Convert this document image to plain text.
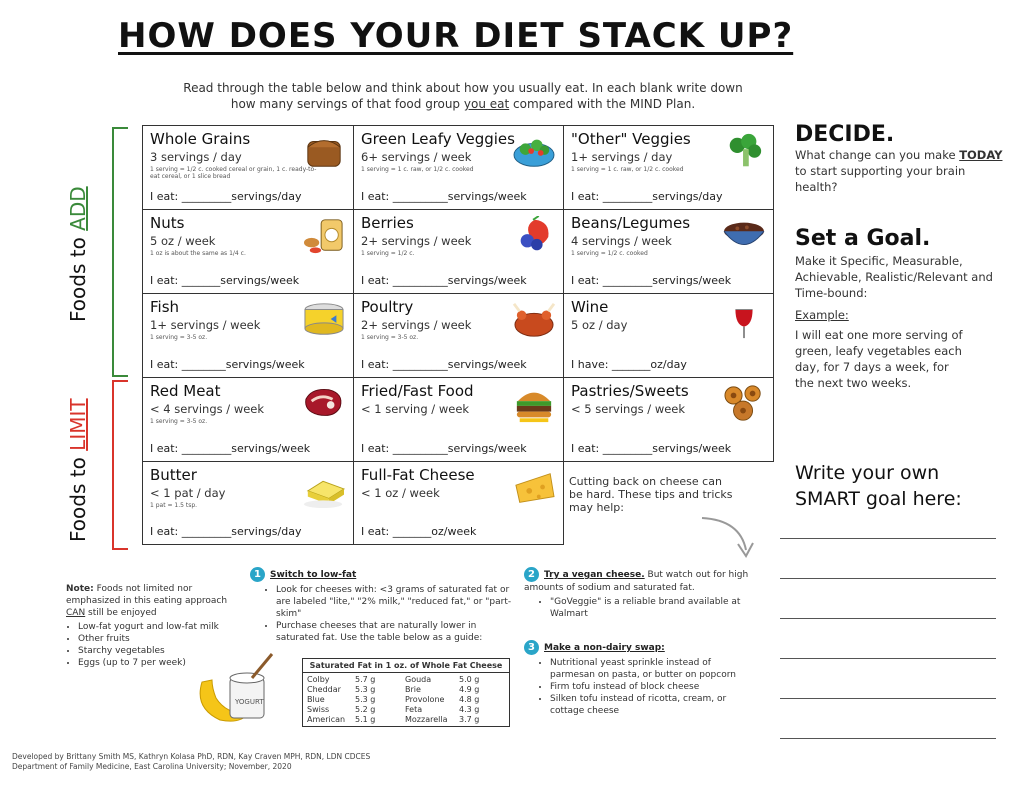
HOW DOES YOUR DIET STACK UP?
Read through the table below and think about how you usually eat. In each blank write down
how many servings of that food group you eat compared with the MIND Plan.
Foods to ADD
Foods to LIMIT
Cutting back on cheese can be hard. These tips and tricks may help:
Whole Grains
3 servings / day
1 serving = 1/2 c. cooked cereal or grain, 1 c. ready-to-eat cereal, or 1 slice bread
I eat: _________servings/day
Green Leafy Veggies
6+ servings / week
1 serving = 1 c. raw, or 1/2 c. cooked
I eat: __________servings/week
"Other" Veggies
1+ servings / day
1 serving = 1 c. raw, or 1/2 c. cooked
I eat: _________servings/day
Nuts
5 oz / week
1 oz is about the same as 1/4 c.
I eat: _______servings/week
Berries
2+ servings / week
1 serving = 1/2 c.
I eat: __________servings/week
Beans/Legumes
4 servings / week
1 serving = 1/2 c. cooked
I eat: _________servings/week
Fish
1+ servings / week
1 serving = 3-5 oz.
I eat: ________servings/week
Poultry
2+ servings / week
1 serving = 3-5 oz.
I eat: __________servings/week
Wine
5 oz / day
I have: _______oz/day
Red Meat
< 4 servings / week
1 serving = 3-5 oz.
I eat: _________servings/week
Fried/Fast Food
< 1 serving / week
I eat: __________servings/week
Pastries/Sweets
< 5 servings / week
I eat: _________servings/week
Butter
< 1 pat / day
1 pat = 1.5 tsp.
I eat: _________servings/day
Full-Fat Cheese
< 1 oz / week
I eat: _______oz/week
DECIDE.
What change can you make TODAY to start supporting your brain health?
Set a Goal.
Make it Specific, Measurable, Achievable, Realistic/Relevant and Time-bound:
Example:
I will eat one more serving of green, leafy vegetables each day, for 7 days a week, for the next two weeks.
Write your own SMART goal here:
Note: Foods not limited nor emphasized in this eating approach CAN still be enjoyed
• Low-fat yogurt and low-fat milk
• Other fruits
• Starchy vegetables
• Eggs (up to 7 per week)
YOGURT
1 Switch to low-fat
• Look for cheeses with: <3 grams of saturated fat or are labeled "lite," "2% milk," "reduced fat," or "part-skim"
• Purchase cheeses that are naturally lower in saturated fat. Use the table below as a guide:
Saturated Fat in 1 oz. of Whole Fat Cheese
Colby	5.7 g	Gouda	5.0 g
Cheddar	5.3 g	Brie	4.9 g
Blue	5.3 g	Provolone	4.8 g
Swiss	5.2 g	Feta	4.3 g
American	5.1 g	Mozzarella	3.7 g
2 Try a vegan cheese. But watch out for high amounts of sodium and saturated fat.
• "GoVeggie" is a reliable brand available at Walmart
3 Make a non-dairy swap:
• Nutritional yeast sprinkle instead of parmesan on pasta, or butter on popcorn
• Firm tofu instead of block cheese
• Silken tofu instead of ricotta, cream, or cottage cheese
Developed by Brittany Smith MS, Kathryn Kolasa PhD, RDN, Kay Craven MPH, RDN, LDN CDCES
Department of Family Medicine, East Carolina University; November, 2020
